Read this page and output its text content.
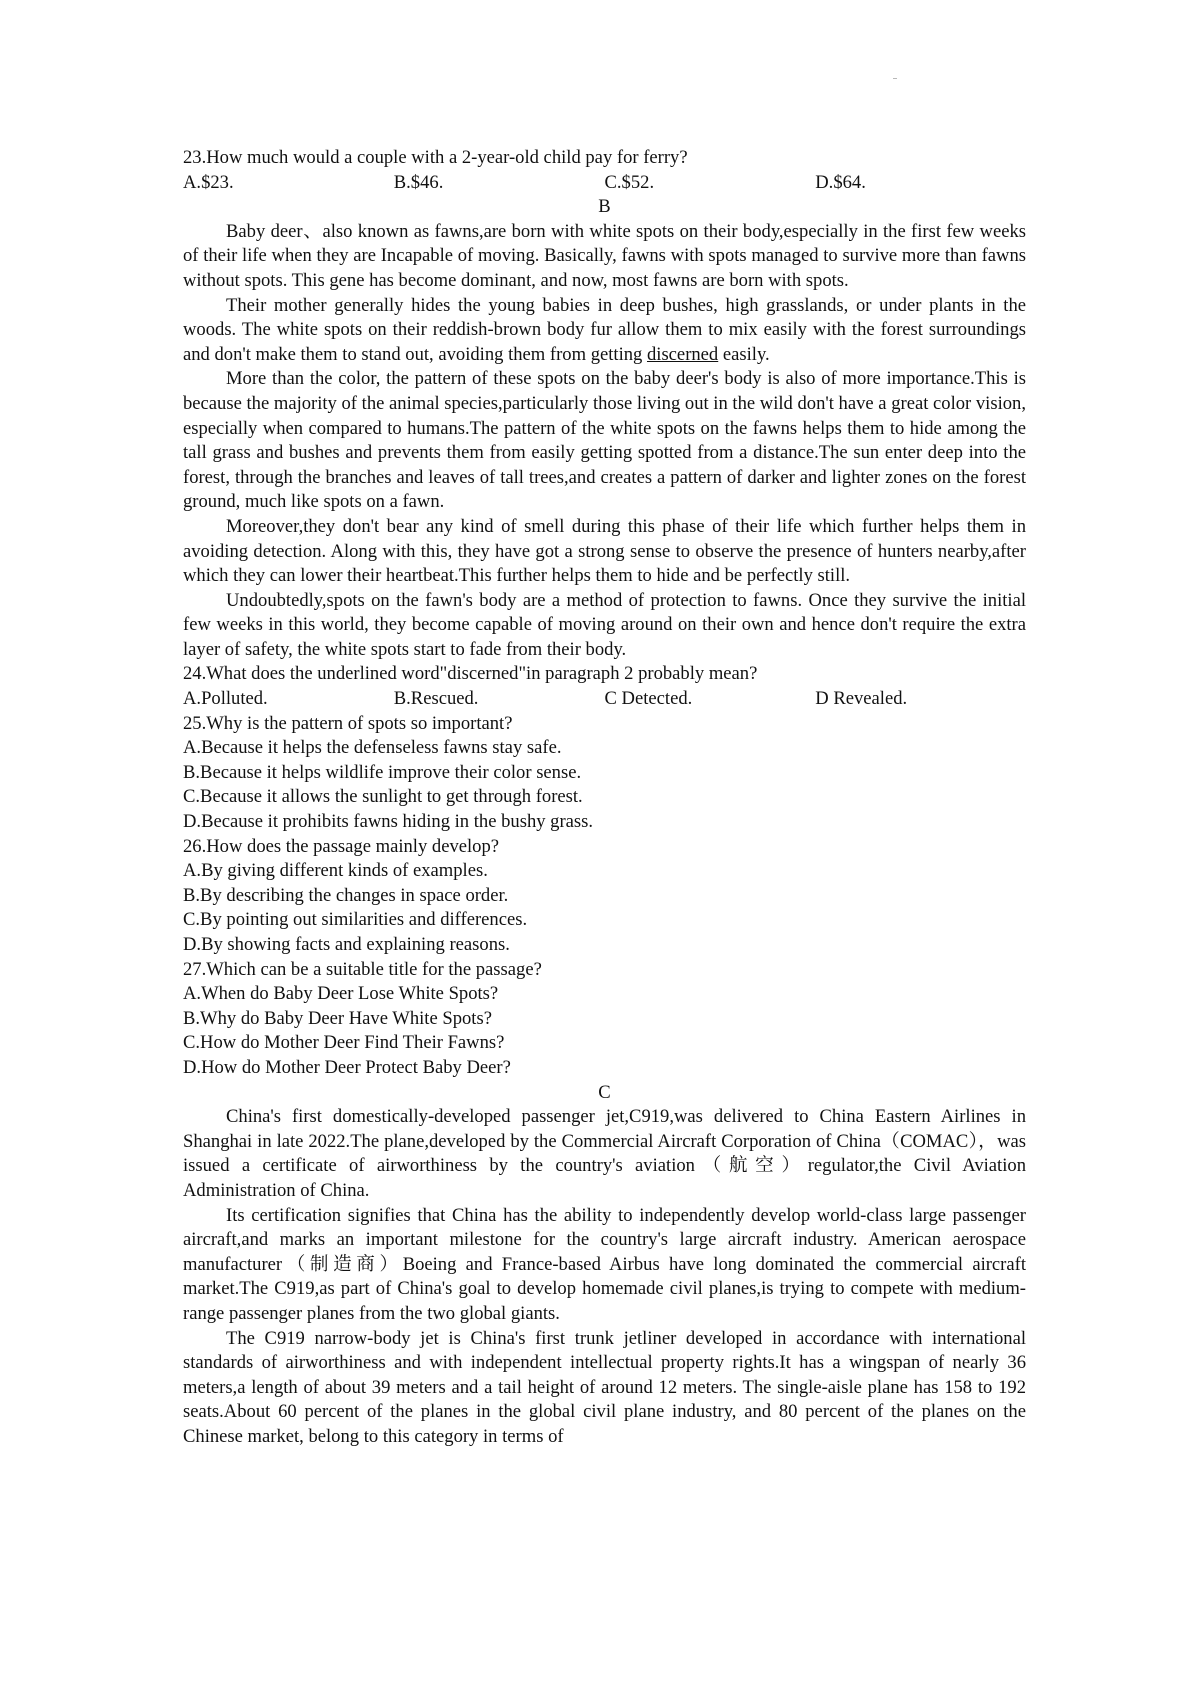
23.How much would a couple with a 2-year-old child pay for ferry?

A.$23.	B.$46.	C.$52.	D.$64.

B

Baby deer、also known as fawns,are born with white spots on their body,especially in the first few weeks of their life when they are Incapable of moving. Basically, fawns with spots managed to survive more than fawns without spots. This gene has become dominant, and now, most fawns are born with spots.

Their mother generally hides the young babies in deep bushes, high grasslands, or under plants in the woods. The white spots on their reddish-brown body fur allow them to mix easily with the forest surroundings and don't make them to stand out, avoiding them from getting discerned easily.

More than the color, the pattern of these spots on the baby deer's body is also of more importance.This is because the majority of the animal species,particularly those living out in the wild don't have a great color vision, especially when compared to humans.The pattern of the white spots on the fawns helps them to hide among the tall grass and bushes and prevents them from easily getting spotted from a distance.The sun enter deep into the forest, through the branches and leaves of tall trees,and creates a pattern of darker and lighter zones on the forest ground, much like spots on a fawn.

Moreover,they don't bear any kind of smell during this phase of their life which further helps them in avoiding detection. Along with this, they have got a strong sense to observe the presence of hunters nearby,after which they can lower their heartbeat.This further helps them to hide and be perfectly still.

Undoubtedly,spots on the fawn's body are a method of protection to fawns. Once they survive the initial few weeks in this world, they become capable of moving around on their own and hence don't require the extra layer of safety, the white spots start to fade from their body.

24.What does the underlined word"discerned"in paragraph 2 probably mean?

A.Polluted.	B.Rescued.	C Detected.	D Revealed.

25.Why is the pattern of spots so important?

A.Because it helps the defenseless fawns stay safe.

B.Because it helps wildlife improve their color sense.

C.Because it allows the sunlight to get through forest.

D.Because it prohibits fawns hiding in the bushy grass.

26.How does the passage mainly develop?

A.By giving different kinds of examples.

B.By describing the changes in space order.

C.By pointing out similarities and differences.

D.By showing facts and explaining reasons.

27.Which can be a suitable title for the passage?

A.When do Baby Deer Lose White Spots?

B.Why do Baby Deer Have White Spots?

C.How do Mother Deer Find Their Fawns?

D.How do Mother Deer Protect Baby Deer?

C

China's first domestically-developed passenger jet,C919,was delivered to China Eastern Airlines in Shanghai in late 2022.The plane,developed by the Commercial Aircraft Corporation of China（COMAC），was issued a certificate of airworthiness by the country's aviation（航空）regulator,the Civil Aviation Administration of China.

Its certification signifies that China has the ability to independently develop world-class large passenger aircraft,and marks an important milestone for the country's large aircraft industry. American aerospace manufacturer（制造商）Boeing and France-based Airbus have long dominated the commercial aircraft market.The C919,as part of China's goal to develop homemade civil planes,is trying to compete with medium-range passenger planes from the two global giants.

The C919 narrow-body jet is China's first trunk jetliner developed in accordance with international standards of airworthiness and with independent intellectual property rights.It has a wingspan of nearly 36 meters,a length of about 39 meters and a tail height of around 12 meters. The single-aisle plane has 158 to 192 seats.About 60 percent of the planes in the global civil plane industry, and 80 percent of the planes on the Chinese market, belong to this category in terms of
